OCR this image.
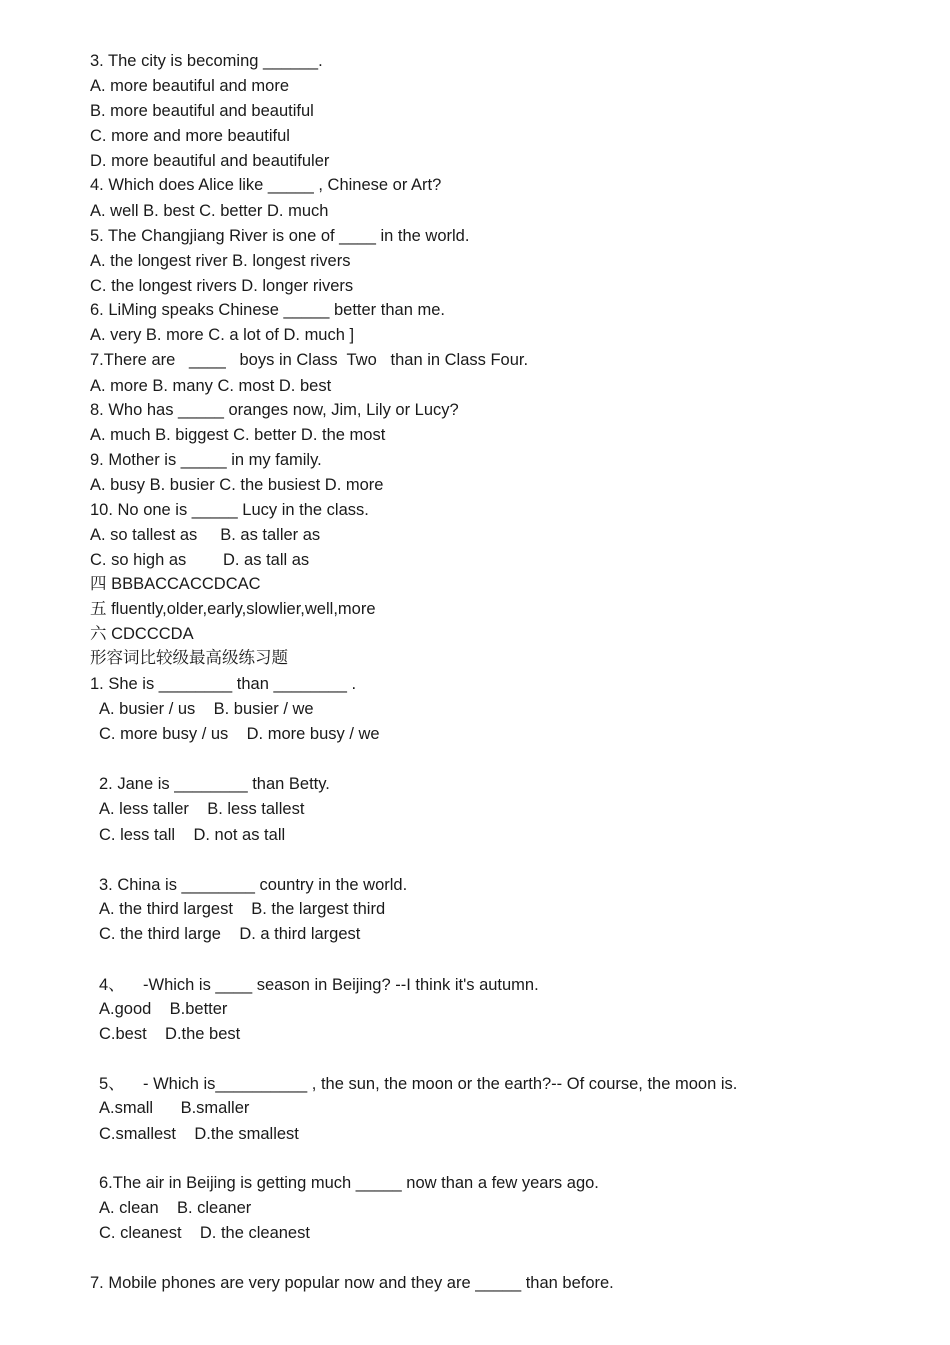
3. The city is becoming ______.
A. more beautiful and more
B. more beautiful and beautiful
C. more and more beautiful
D. more beautiful and beautifuler
4. Which does Alice like _____ , Chinese or Art?
A. well B. best C. better D. much
5. The Changjiang River is one of ____ in the world.
A. the longest river B. longest rivers
C. the longest rivers D. longer rivers
6. LiMing speaks Chinese _____ better than me.
A. very B. more C. a lot of D. much ]
7.There are   ____   boys in Class  Two   than in Class Four.
A. more B. many C. most D. best
8. Who has _____ oranges now, Jim, Lily or Lucy?
A. much B. biggest C. better D. the most
9. Mother is _____ in my family.
A. busy B. busier C. the busiest D. more
10. No one is _____ Lucy in the class.
A. so tallest as     B. as taller as
C. so high as        D. as tall as
四 BBBACCACCDCAC
五 fluently,older,early,slowlier,well,more
六 CDCCCDA
形容词比较级最高级练习题
1. She is ________ than ________ .
A. busier / us    B. busier / we
C. more busy / us    D. more busy / we
2. Jane is ________ than Betty.
A. less taller    B. less tallest
C. less tall    D. not as tall
3. China is ________ country in the world.
A. the third largest    B. the largest third
C. the third large    D. a third largest
4、    -Which is ____ season in Beijing? --I think it's autumn.
A.good    B.better
C.best    D.the best
5、    - Which is__________ , the sun, the moon or the earth?-- Of course, the moon is.
A.small      B.smaller
C.smallest    D.the smallest
6.The air in Beijing is getting much _____ now than a few years ago.
A. clean    B. cleaner
C. cleanest    D. the cleanest
7. Mobile phones are very popular now and they are _____ than before.
